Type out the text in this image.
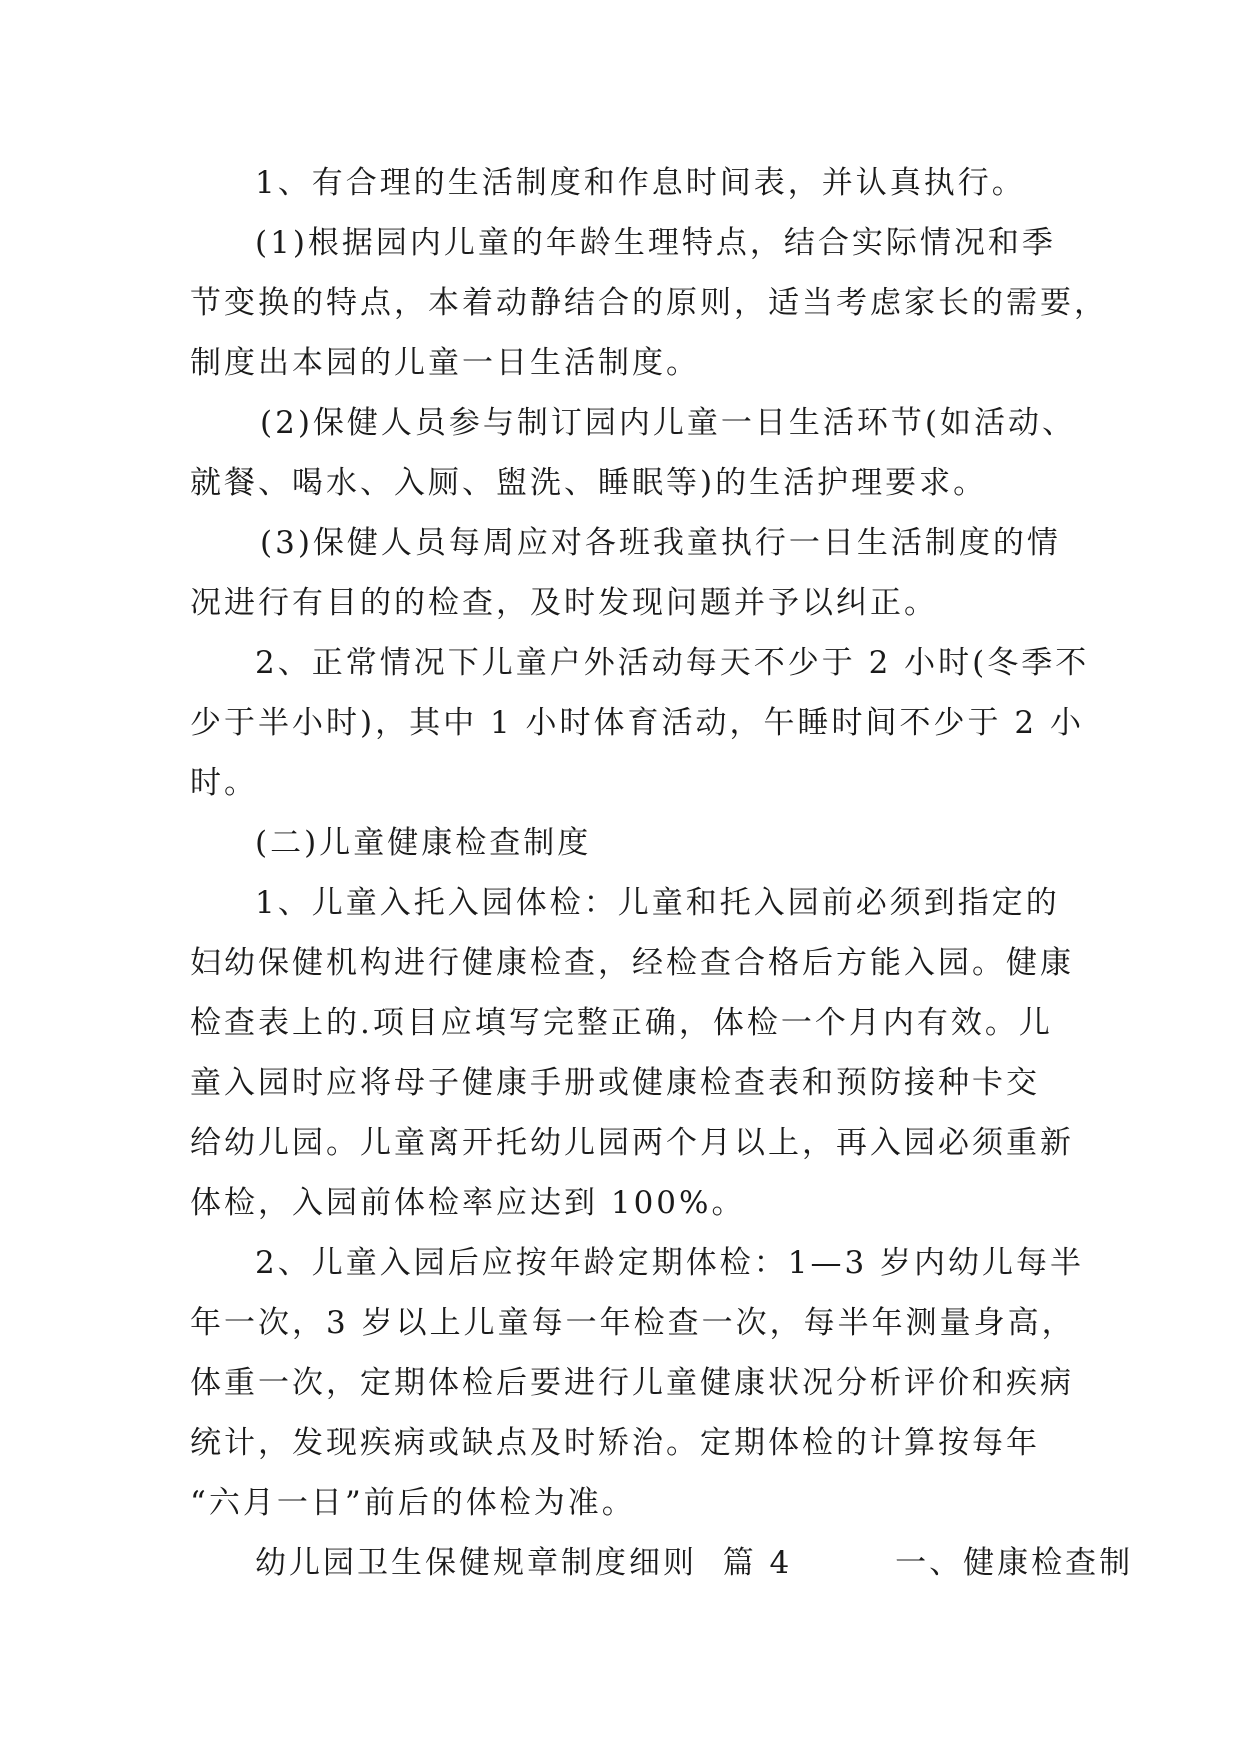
1、有合理的生活制度和作息时间表，并认真执行。
(1)根据园内儿童的年龄生理特点，结合实际情况和季
节变换的特点，本着动静结合的原则，适当考虑家长的需要，
制度出本园的儿童一日生活制度。
(2)保健人员参与制订园内儿童一日生活环节(如活动、
就餐、喝水、入厕、盥洗、睡眠等)的生活护理要求。
(3)保健人员每周应对各班我童执行一日生活制度的情
况进行有目的的检查，及时发现问题并予以纠正。
2、正常情况下儿童户外活动每天不少于 2 小时(冬季不
少于半小时)，其中 1 小时体育活动，午睡时间不少于 2 小
时。
(二)儿童健康检查制度
1、儿童入托入园体检：儿童和托入园前必须到指定的
妇幼保健机构进行健康检查，经检查合格后方能入园。健康
检查表上的.项目应填写完整正确，体检一个月内有效。儿
童入园时应将母子健康手册或健康检查表和预防接种卡交
给幼儿园。儿童离开托幼儿园两个月以上，再入园必须重新
体检，入园前体检率应达到 100%。
2、儿童入园后应按年龄定期体检：1—3 岁内幼儿每半
年一次，3 岁以上儿童每一年检查一次，每半年测量身高，
体重一次，定期体检后要进行儿童健康状况分析评价和疾病
统计，发现疾病或缺点及时矫治。定期体检的计算按每年
“六月一日”前后的体检为准。
幼儿园卫生保健规章制度细则  篇 4        一、健康检查制
